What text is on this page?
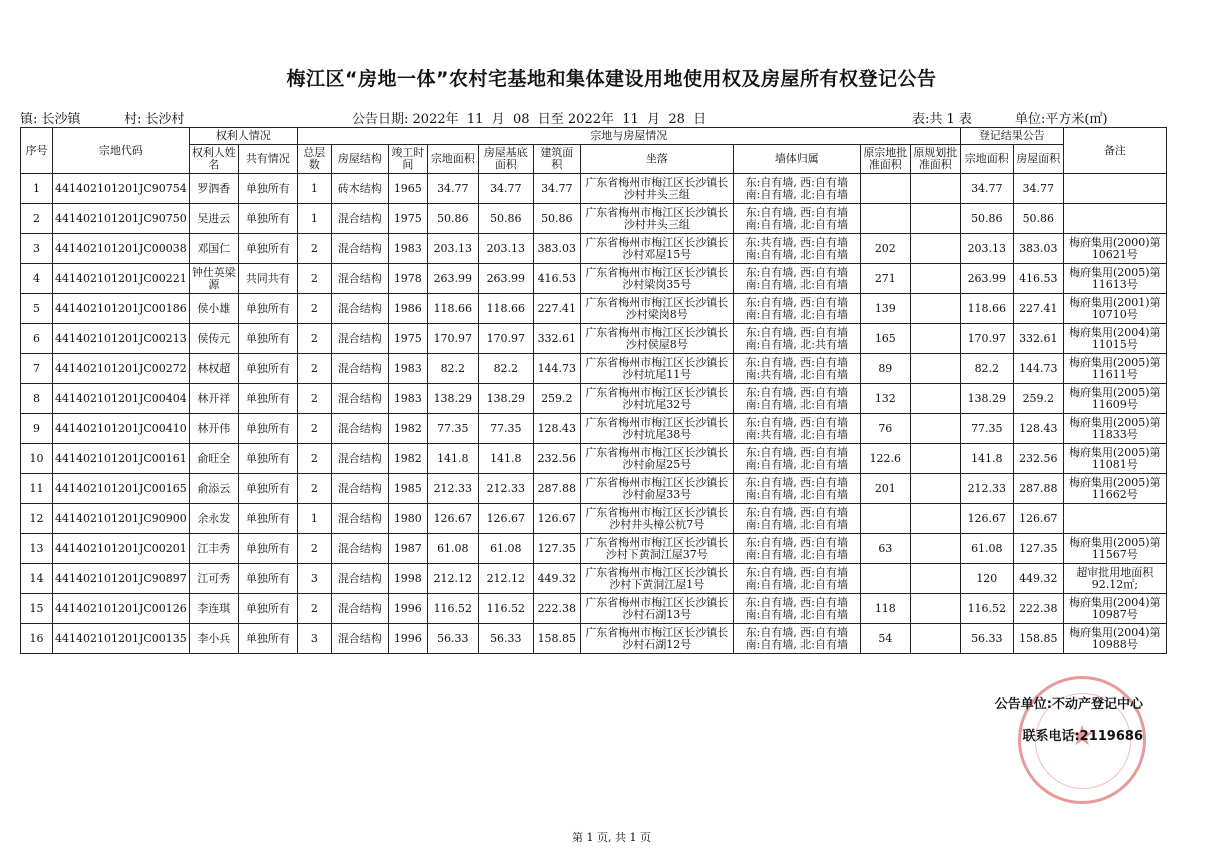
梅江区“房地一体”农村宅基地和集体建设用地使用权及房屋所有权登记公告
镇: 长沙镇	村: 长沙村	公告日期: 2022年  11  月  08  日至 2022年  11  月  28  日	表:共 1 表	单位:平方米(㎡)
序号	宗地代码	权利人情况		宗地与房屋情况										登记结果公告		备注
		权利人姓名	共有情况	总层数	房屋结构	竣工时间	宗地面积	房屋基底面积	建筑面积	坐落	墙体归属	原宗地批准面积	原规划批准面积	宗地面积	房屋面积	
1	441402101201JC90754	罗泗香	单独所有	1	砖木结构	1965	34.77	34.77	34.77	广东省梅州市梅江区长沙镇长沙村井头三组	东:自有墙, 西:自有墙
南:自有墙, 北:自有墙			34.77	34.77	
2	441402101201JC90750	吴进云	单独所有	1	混合结构	1975	50.86	50.86	50.86	广东省梅州市梅江区长沙镇长沙村井头三组	东:自有墙, 西:自有墙
南:自有墙, 北:自有墙			50.86	50.86	
3	441402101201JC00038	邓国仁	单独所有	2	混合结构	1983	203.13	203.13	383.03	广东省梅州市梅江区长沙镇长沙村邓屋15号	东:共有墙, 西:自有墙
南:自有墙, 北:自有墙	202		203.13	383.03	梅府集用(2000)第10621号
4	441402101201JC00221	钟仕英梁源	共同共有	2	混合结构	1978	263.99	263.99	416.53	广东省梅州市梅江区长沙镇长沙村梁岗35号	东:自有墙, 西:自有墙
南:自有墙, 北:自有墙	271		263.99	416.53	梅府集用(2005)第11613号
5	441402101201JC00186	侯小雄	单独所有	2	混合结构	1986	118.66	118.66	227.41	广东省梅州市梅江区长沙镇长沙村梁岗8号	东:自有墙, 西:自有墙
南:自有墙, 北:自有墙	139		118.66	227.41	梅府集用(2001)第10710号
6	441402101201JC00213	侯传元	单独所有	2	混合结构	1975	170.97	170.97	332.61	广东省梅州市梅江区长沙镇长沙村侯屋8号	东:自有墙, 西:自有墙
南:自有墙, 北:共有墙	165		170.97	332.61	梅府集用(2004)第11015号
7	441402101201JC00272	林权超	单独所有	2	混合结构	1983	82.2	82.2	144.73	广东省梅州市梅江区长沙镇长沙村坑尾11号	东:自有墙, 西:自有墙
南:共有墙, 北:自有墙	89		82.2	144.73	梅府集用(2005)第11611号
8	441402101201JC00404	林开祥	单独所有	2	混合结构	1983	138.29	138.29	259.2	广东省梅州市梅江区长沙镇长沙村坑尾32号	东:自有墙, 西:自有墙
南:自有墙, 北:自有墙	132		138.29	259.2	梅府集用(2005)第11609号
9	441402101201JC00410	林开伟	单独所有	2	混合结构	1982	77.35	77.35	128.43	广东省梅州市梅江区长沙镇长沙村坑尾38号	东:自有墙, 西:自有墙
南:共有墙, 北:自有墙	76		77.35	128.43	梅府集用(2005)第11833号
10	441402101201JC00161	俞旺全	单独所有	2	混合结构	1982	141.8	141.8	232.56	广东省梅州市梅江区长沙镇长沙村俞屋25号	东:自有墙, 西:自有墙
南:自有墙, 北:自有墙	122.6		141.8	232.56	梅府集用(2005)第11081号
11	441402101201JC00165	俞添云	单独所有	2	混合结构	1985	212.33	212.33	287.88	广东省梅州市梅江区长沙镇长沙村俞屋33号	东:自有墙, 西:自有墙
南:自有墙, 北:自有墙	201		212.33	287.88	梅府集用(2005)第11662号
12	441402101201JC90900	余永发	单独所有	1	混合结构	1980	126.67	126.67	126.67	广东省梅州市梅江区长沙镇长沙村井头樟公杭7号	东:自有墙, 西:自有墙
南:自有墙, 北:自有墙			126.67	126.67	
13	441402101201JC00201	江丰秀	单独所有	2	混合结构	1987	61.08	61.08	127.35	广东省梅州市梅江区长沙镇长沙村下黄洞江屋37号	东:自有墙, 西:自有墙
南:自有墙, 北:自有墙	63		61.08	127.35	梅府集用(2005)第11567号
14	441402101201JC90897	江可秀	单独所有	3	混合结构	1998	212.12	212.12	449.32	广东省梅州市梅江区长沙镇长沙村下黄洞江屋1号	东:自有墙, 西:自有墙
南:自有墙, 北:自有墙			120	449.32	超审批用地面积92.12㎡;
15	441402101201JC00126	李连琪	单独所有	2	混合结构	1996	116.52	116.52	222.38	广东省梅州市梅江区长沙镇长沙村石湖13号	东:自有墙, 西:自有墙
南:自有墙, 北:自有墙	118		116.52	222.38	梅府集用(2004)第10987号
16	441402101201JC00135	李小兵	单独所有	3	混合结构	1996	56.33	56.33	158.85	广东省梅州市梅江区长沙镇长沙村石湖12号	东:自有墙, 西:自有墙
南:自有墙, 北:自有墙	54		56.33	158.85	梅府集用(2004)第10988号
★
公告单位:不动产登记中心
联系电话:2119686
第 1 页, 共 1 页
